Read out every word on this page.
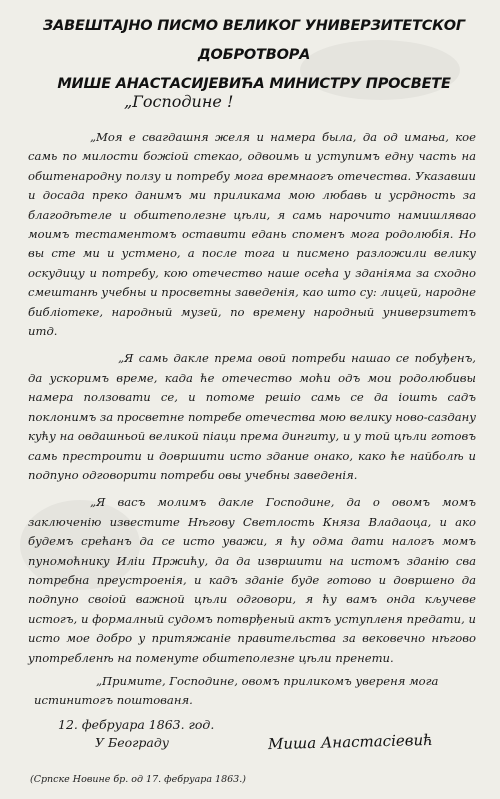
ЗАВЕШТАЈНО ПИСМО ВЕЛИКОГ УНИВЕРЗИТЕТСКОГ ДОБРОТВОРА
МИШЕ АНАСТАСИЈЕВИЋА МИНИСТРУ ПРОСВЕТЕ
„Господине !

„Моя е свагдашня желя и намера была, да од имања, кое самь по милости божіой стекао, одвоимь и уступимъ едну часть на обштенародну ползу и потребу мога времнаогъ отечества. Указавши и досада преко данимъ ми приликама мою любавь и усрдность за благодѣтеле и обштеполезне цѣли, я самь нарочито намишлявао моимъ тестаментомъ оставити едань споменъ мога родолюбія. Но вы сте ми и устмено, а после тога и писмено разложили велику оскудицу и потребу, кою отечество наше осећа у зданіяма за сходно смештанѣ учебны и просветны заведенія, као што су: лицей, народне библіотеке, народный музей, по времену народный универзитетъ итд.

„Я самь дакле према овой потреби нашао се побуђенъ, да ускоримъ време, када ће отечество моћи одъ мои родолюбивы намера ползовати се, и потоме решіо самь се да іошть садъ поклонимъ за просветне потребе отечества мою велику ново-саздану кућу на овдашньой великой піаци према дингиту, и у той цѣли готовъ самь престроити и довршити исто здание онако, како ће найболѣ и подпуно одговорити потреби овы учебны заведенія.

„Я васъ молимъ дакле Господине, да о овомъ момъ заключенію известите Нѣгову Светлость Княза Владаоца, и ако будемъ срећанъ да се исто уважи, я ћу одма дати налогъ момъ пуномоћнику Иліи Пржићу, да да извршити на истомъ зданію сва потребна преустроенія, и кадъ зданіе буде готово и довршено да подпуно своіой важной цѣли одговори, я ћу вамъ онда кључеве истогъ, и формалный судомъ потврђеный актъ уступленя предати, и исто мое добро у притяжаніе правительства за вековечно нѣгово употребленѣ на поменуте обштеполезне цѣли пренети.

„Примите, Господине, овомъ приликомъ увереня мога
истинитогъ поштованя.
12. фебруара 1863. год.
У Београду	Миша Анастасіевић
(Српске Новине бр. од 17. фебруара 1863.)
